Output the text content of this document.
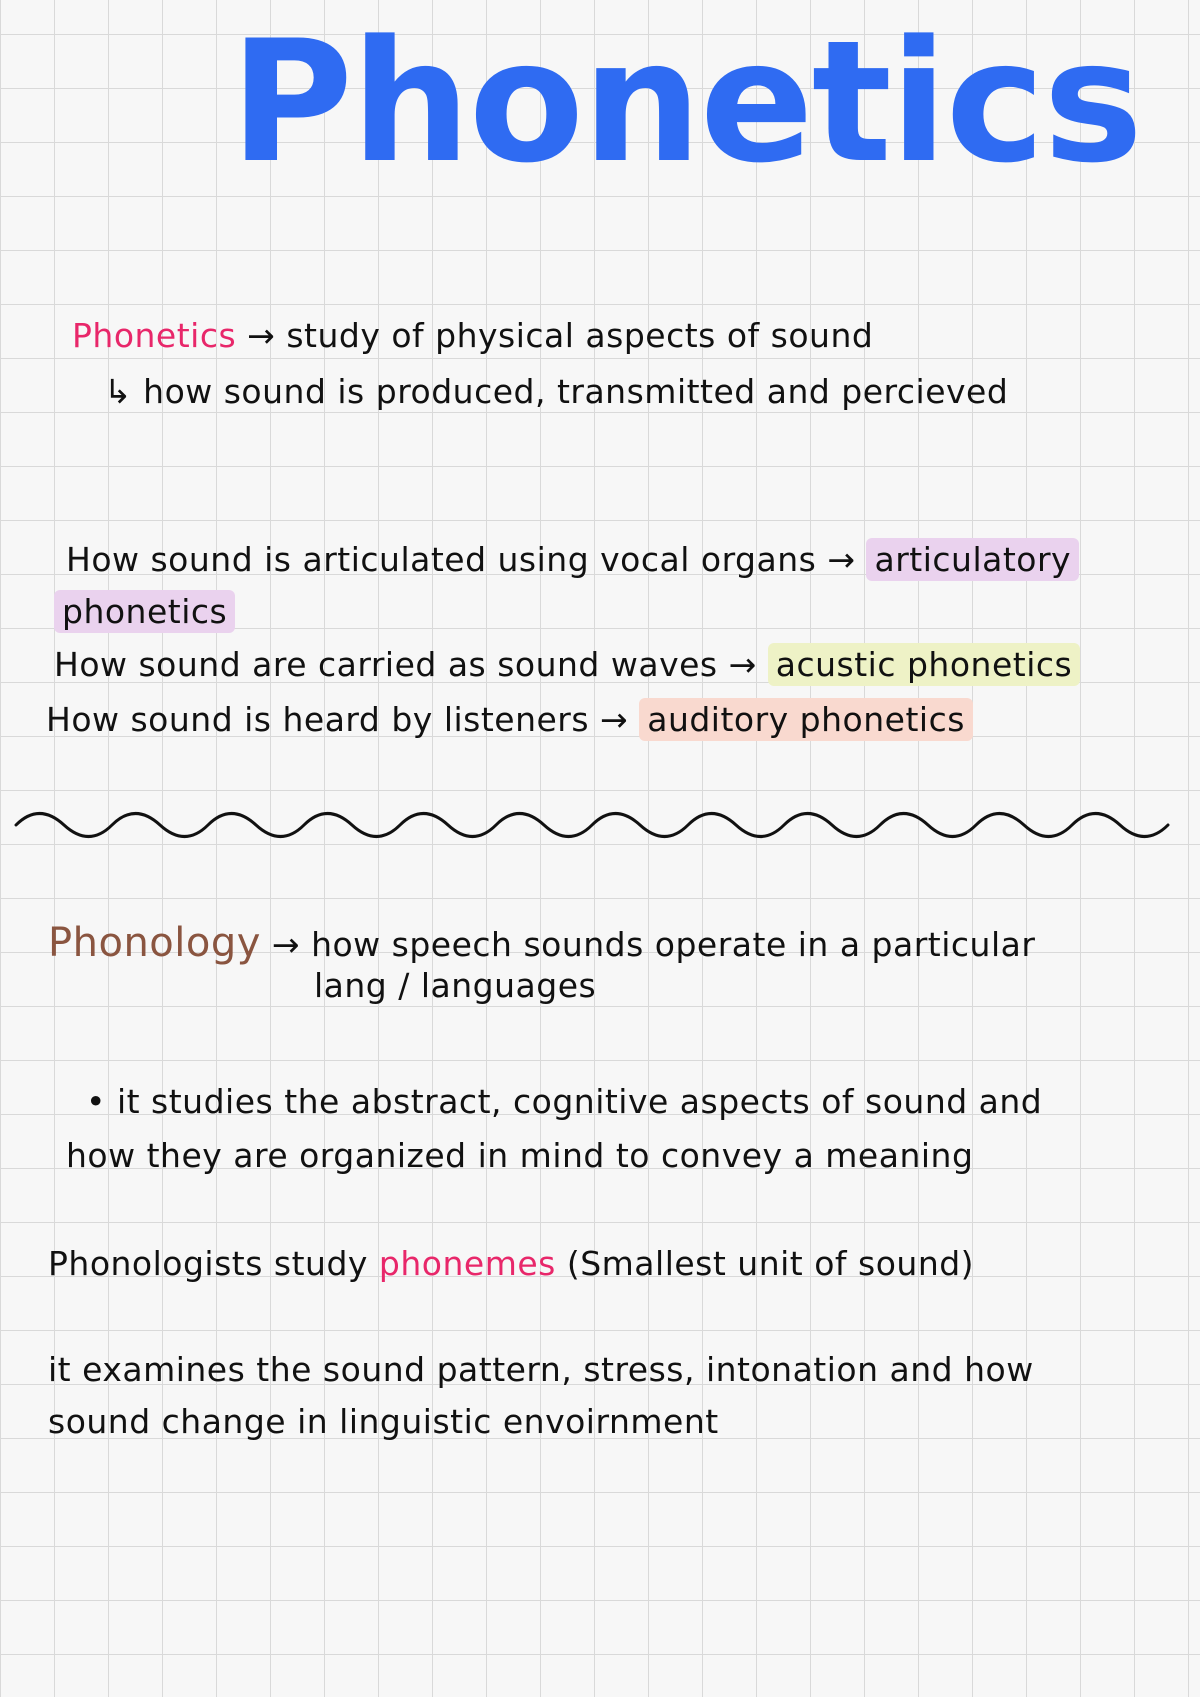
Phonetics
Phonetics → study of physical aspects of sound
↳ how sound is produced, transmitted and percieved
How sound is articulated using vocal organs → articulatory
phonetics
How sound are carried as sound waves → acustic phonetics
How sound is heard by listeners → auditory phonetics
Phonology → how speech sounds operate in a particular
lang / languages
• it studies the abstract, cognitive aspects of sound and
how they are organized in mind to convey a meaning
Phonologists study phonemes (Smallest unit of sound)
it examines the sound pattern, stress, intonation and how
sound change in linguistic envoirnment
